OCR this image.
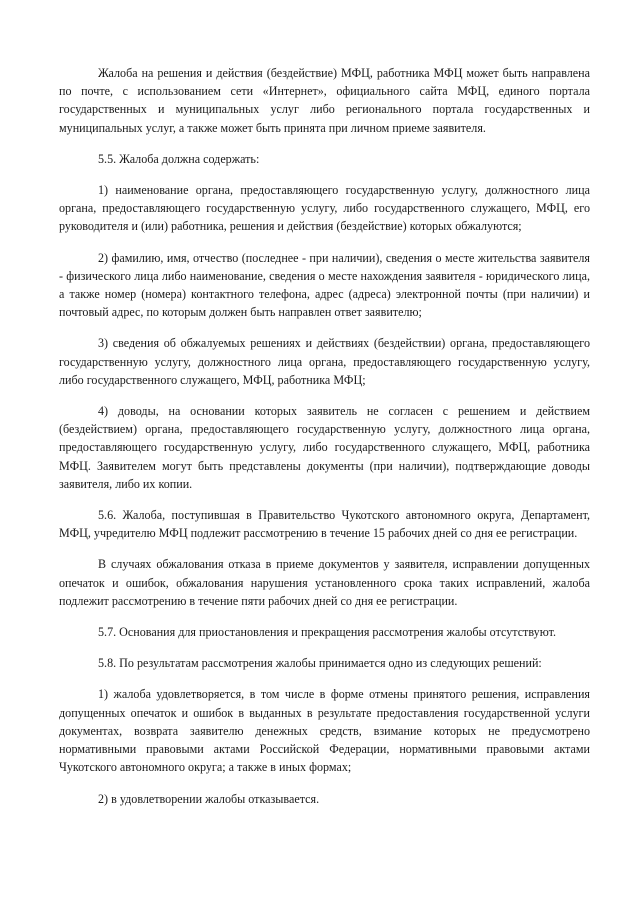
Жалоба на решения и действия (бездействие) МФЦ, работника МФЦ может быть направлена по почте, с использованием сети «Интернет», официального сайта МФЦ, единого портала государственных и муниципальных услуг либо регионального портала государственных и муниципальных услуг, а также может быть принята при личном приеме заявителя.

5.5. Жалоба должна содержать:

1) наименование органа, предоставляющего государственную услугу, должностного лица органа, предоставляющего государственную услугу, либо государственного служащего, МФЦ, его руководителя и (или) работника, решения и действия (бездействие) которых обжалуются;

2) фамилию, имя, отчество (последнее - при наличии), сведения о месте жительства заявителя - физического лица либо наименование, сведения о месте нахождения заявителя - юридического лица, а также номер (номера) контактного телефона, адрес (адреса) электронной почты (при наличии) и почтовый адрес, по которым должен быть направлен ответ заявителю;

3) сведения об обжалуемых решениях и действиях (бездействии) органа, предоставляющего государственную услугу, должностного лица органа, предоставляющего государственную услугу, либо государственного служащего, МФЦ, работника МФЦ;

4) доводы, на основании которых заявитель не согласен с решением и действием (бездействием) органа, предоставляющего государственную услугу, должностного лица органа, предоставляющего государственную услугу, либо государственного служащего, МФЦ, работника МФЦ. Заявителем могут быть представлены документы (при наличии), подтверждающие доводы заявителя, либо их копии.

5.6. Жалоба, поступившая в Правительство Чукотского автономного округа, Департамент, МФЦ, учредителю МФЦ подлежит рассмотрению в течение 15 рабочих дней со дня ее регистрации.

В случаях обжалования отказа в приеме документов у заявителя, исправлении допущенных опечаток и ошибок, обжалования нарушения установленного срока таких исправлений, жалоба подлежит рассмотрению в течение пяти рабочих дней со дня ее регистрации.

5.7. Основания для приостановления и прекращения рассмотрения жалобы отсутствуют.

5.8. По результатам рассмотрения жалобы принимается одно из следующих решений:

1) жалоба удовлетворяется, в том числе в форме отмены принятого решения, исправления допущенных опечаток и ошибок в выданных в результате предоставления государственной услуги документах, возврата заявителю денежных средств, взимание которых не предусмотрено нормативными правовыми актами Российской Федерации, нормативными правовыми актами Чукотского автономного округа; а также в иных формах;

2) в удовлетворении жалобы отказывается.
